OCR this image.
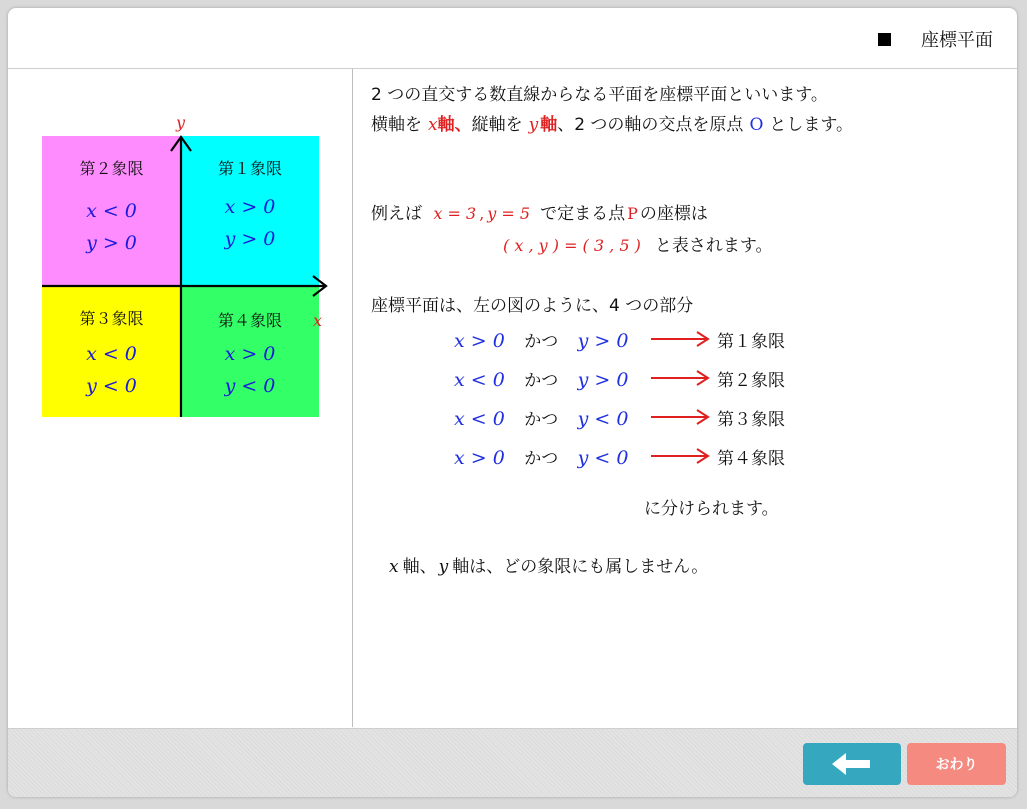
座標平面
第２象限
x < 0
y > 0
第１象限
x > 0
y > 0
第３象限
x < 0
y < 0
第４象限
x > 0
y < 0
y
x
2 つの直交する数直線からなる平面を座標平面といいます。
横軸を x軸、縦軸を y 軸、2 つの軸の交点を原点 O とします。
例えば x = 3 , y = 5 で定まる点 P の座標は
( x , y ) = ( 3 , 5 ) と表されます。
座標平面は、左の図のように、4 つの部分
x > 0 かつ y > 0	第１象限
x < 0 かつ y > 0	第２象限
x < 0 かつ y < 0	第３象限
x > 0 かつ y < 0	第４象限
に分けられます。
x 軸、 y 軸は、どの象限にも属しません。
おわり
